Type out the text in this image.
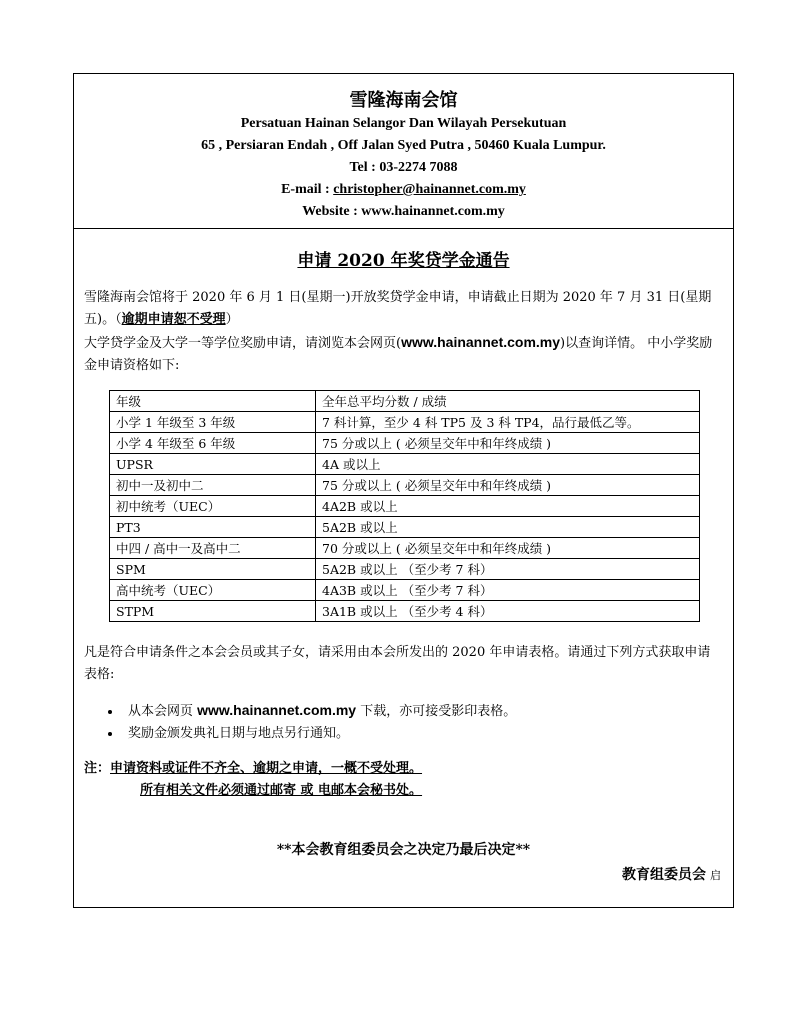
雪隆海南会馆
Persatuan Hainan Selangor Dan Wilayah Persekutuan
65 , Persiaran Endah , Off Jalan Syed Putra , 50460 Kuala Lumpur.
Tel : 03-2274 7088
E-mail : christopher@hainannet.com.my
Website : www.hainannet.com.my
申请 2020 年奖贷学金通告
雪隆海南会馆将于 2020 年 6 月 1 日(星期一)开放奖贷学金申请，申请截止日期为 2020 年 7 月 31 日(星期五)。（逾期申请恕不受理）
大学贷学金及大学一等学位奖励申请，请浏览本会网页(www.hainannet.com.my)以查询详情。 中小学奖励金申请资格如下:
年级	全年总平均分数 / 成绩
小学 1 年级至 3 年级	7 科计算，至少 4 科 TP5 及 3 科 TP4，品行最低乙等。
小学 4 年级至 6 年级	75 分或以上 ( 必须呈交年中和年终成绩 )
UPSR	4A 或以上
初中一及初中二	75 分或以上 ( 必须呈交年中和年终成绩 )
初中统考（UEC）	4A2B 或以上
PT3	5A2B 或以上
中四 / 高中一及高中二	70 分或以上 ( 必须呈交年中和年终成绩 )
SPM	5A2B 或以上 （至少考 7 科）
高中统考（UEC）	4A3B 或以上 （至少考 7 科）
STPM	3A1B 或以上 （至少考 4 科）
凡是符合申请条件之本会会员或其子女，请采用由本会所发出的 2020 年申请表格。请通过下列方式获取申请表格:
• 从本会网页 www.hainannet.com.my 下载，亦可接受影印表格。
• 奖励金颁发典礼日期与地点另行通知。
注：申请资料或证件不齐全、逾期之申请，一概不受处理。
所有相关文件必须通过邮寄 或 电邮本会秘书处。
**本会教育组委员会之决定乃最后决定**
教育组委员会 启
